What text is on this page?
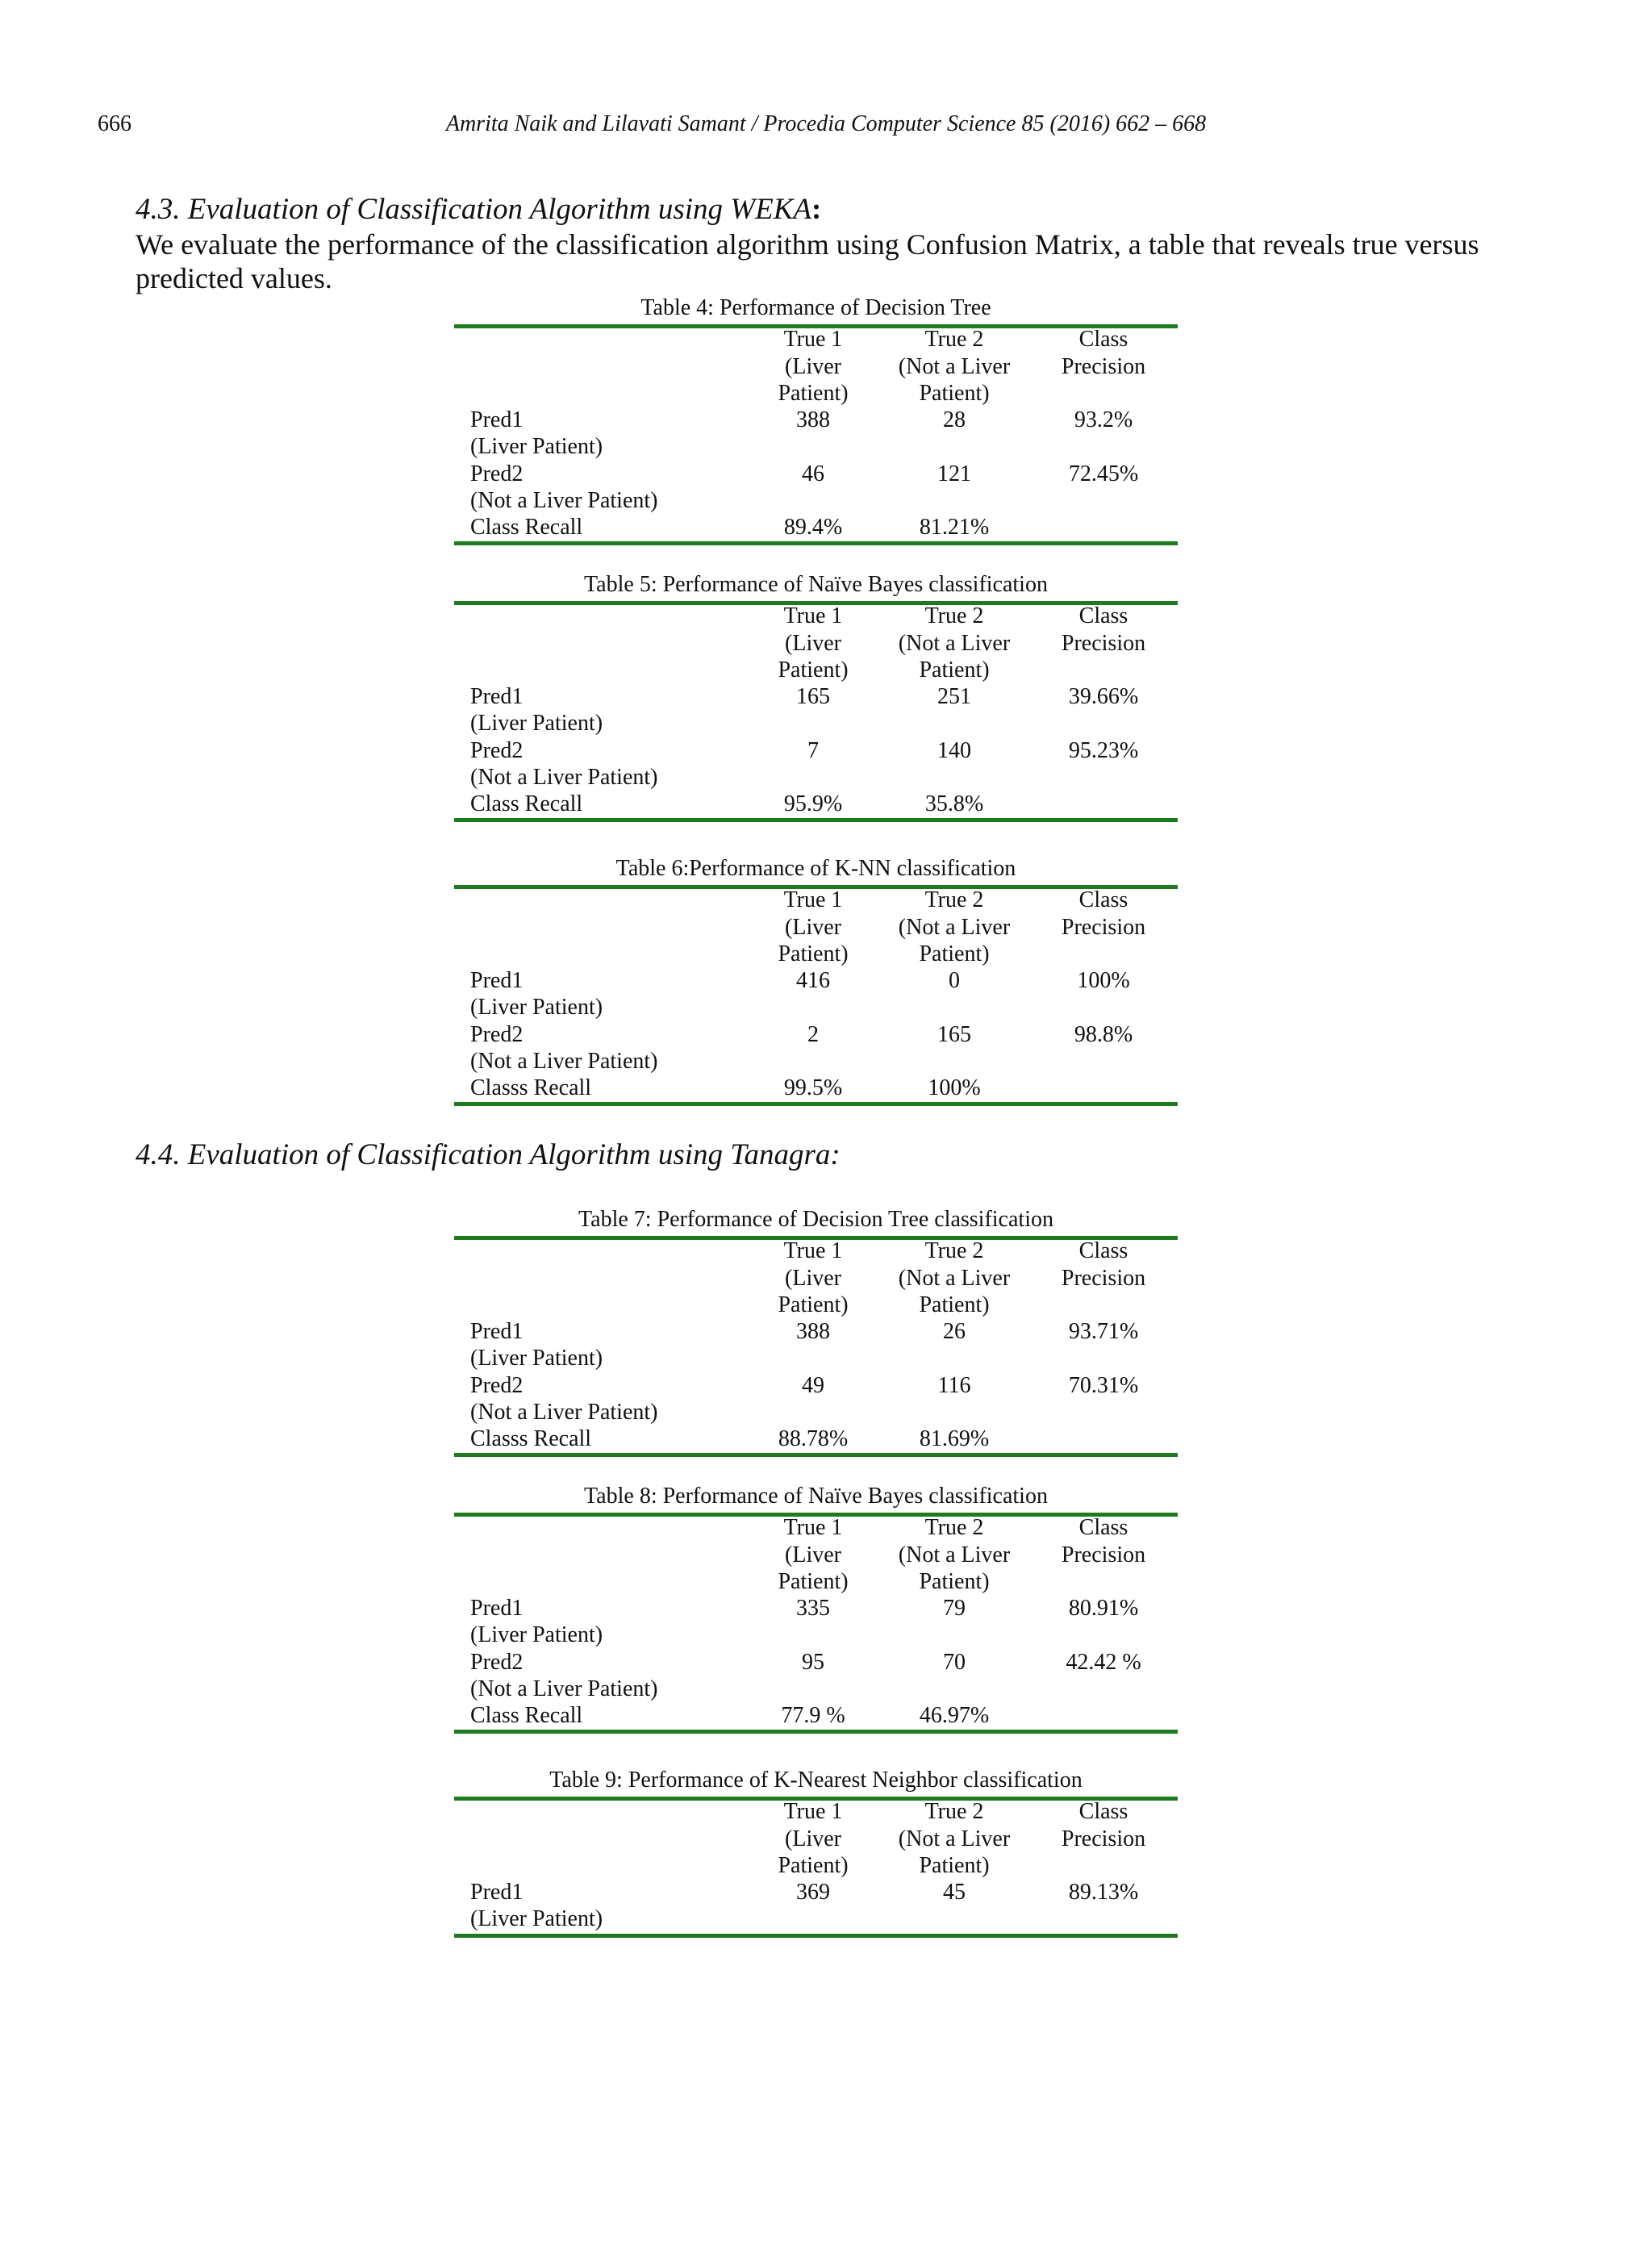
666	Amrita Naik and Lilavati Samant / Procedia Computer Science 85 (2016) 662 – 668
4.3. Evaluation of Classification Algorithm using WEKA:
We evaluate the performance of the classification algorithm using Confusion Matrix, a table that reveals true versus predicted values.
4.4. Evaluation of Classification Algorithm using Tanagra:
Table 4: Performance of Decision Tree
True 1	True 2	Class
(Liver	(Not a Liver	Precision
Patient)	Patient)
Pred1	388	28	93.2%
(Liver Patient)
Pred2	46	121	72.45%
(Not a Liver Patient)
Class Recall	89.4%	81.21%
Table 5: Performance of Naïve Bayes classification
True 1	True 2	Class
(Liver	(Not a Liver	Precision
Patient)	Patient)
Pred1	165	251	39.66%
(Liver Patient)
Pred2	7	140	95.23%
(Not a Liver Patient)
Class Recall	95.9%	35.8%
Table 6:Performance of K-NN classification
True 1	True 2	Class
(Liver	(Not a Liver	Precision
Patient)	Patient)
Pred1	416	0	100%
(Liver Patient)
Pred2	2	165	98.8%
(Not a Liver Patient)
Classs Recall	99.5%	100%
Table 7: Performance of Decision Tree classification
True 1	True 2	Class
(Liver	(Not a Liver	Precision
Patient)	Patient)
Pred1	388	26	93.71%
(Liver Patient)
Pred2	49	116	70.31%
(Not a Liver Patient)
Classs Recall	88.78%	81.69%
Table 8: Performance of Naïve Bayes classification
True 1	True 2	Class
(Liver	(Not a Liver	Precision
Patient)	Patient)
Pred1	335	79	80.91%
(Liver Patient)
Pred2	95	70	42.42 %
(Not a Liver Patient)
Class Recall	77.9 %	46.97%
Table 9: Performance of K-Nearest Neighbor classification
True 1	True 2	Class
(Liver	(Not a Liver	Precision
Patient)	Patient)
Pred1	369	45	89.13%
(Liver Patient)
